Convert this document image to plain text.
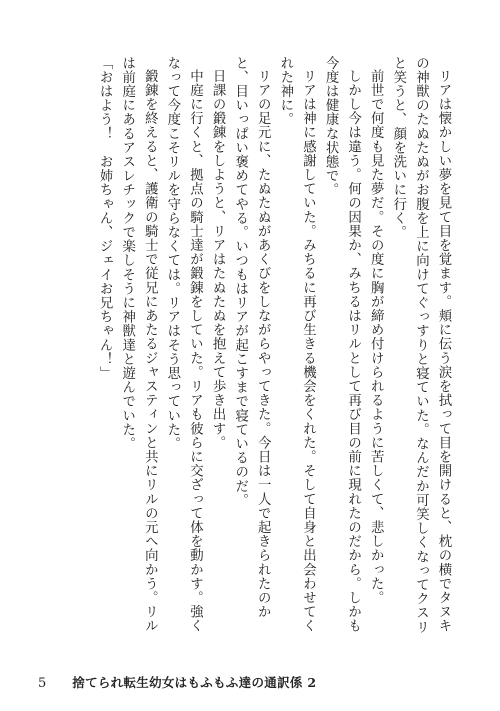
リアは懐かしい夢を見て目を覚ます。頬に伝う涙を拭って目を開けると、枕の横でタヌキの神獣のたぬたぬがお腹を上に向けてぐっすりと寝ていた。なんだか可笑しくなってクスリと笑うと、顔を洗いに行く。

前世で何度も見た夢だ。その度に胸が締め付けられるように苦しくて、悲しかった。

しかし今は違う。何の因果か、みちるはリルとして再び目の前に現れたのだから。しかも今度は健康な状態で。

リアは神に感謝していた。みちるに再び生きる機会をくれた。そして自身と出会わせてくれた神に。

リアの足元に、たぬたぬがあくびをしながらやってきた。今日は一人で起きられたのかと、目いっぱい褒めてやる。いつもはリアが起こすまで寝ているのだ。

日課の鍛錬をしようと、リアはたぬたぬを抱えて歩き出す。

中庭に行くと、拠点の騎士達が鍛錬をしていた。リアも彼らに交ざって体を動かす。強くなって今度こそリルを守らなくては。リアはそう思っていた。

鍛錬を終えると、護衛の騎士で従兄にあたるジャスティンと共にリルの元へ向かう。リルは前庭にあるアスレチックで楽しそうに神獣達と遊んでいた。

「おはよう！　お姉ちゃん、ジェイお兄ちゃん！」

5 捨てられ転生幼女はもふもふ達の通訳係 2
